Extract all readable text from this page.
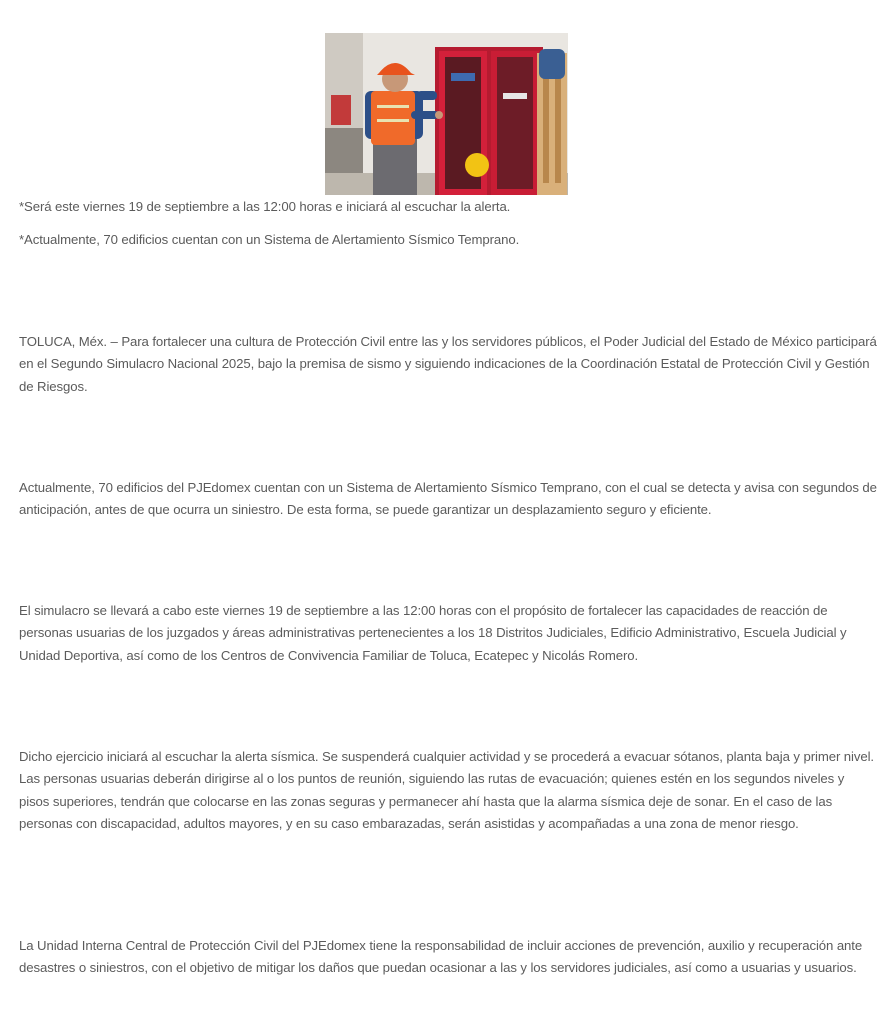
*Será este viernes 19 de septiembre a las 12:00 horas e iniciará al escuchar la alerta.

*Actualmente, 70 edificios cuentan con un Sistema de Alertamiento Sísmico Temprano.

TOLUCA, Méx. – Para fortalecer una cultura de Protección Civil entre las y los servidores públicos, el Poder Judicial del Estado de México participará en el Segundo Simulacro Nacional 2025, bajo la premisa de sismo y siguiendo indicaciones de la Coordinación Estatal de Protección Civil y Gestión de Riesgos.

Actualmente, 70 edificios del PJEdomex cuentan con un Sistema de Alertamiento Sísmico Temprano, con el cual se detecta y avisa con segundos de anticipación, antes de que ocurra un siniestro. De esta forma, se puede garantizar un desplazamiento seguro y eficiente.

El simulacro se llevará a cabo este viernes 19 de septiembre a las 12:00 horas con el propósito de fortalecer las capacidades de reacción de personas usuarias de los juzgados y áreas administrativas pertenecientes a los 18 Distritos Judiciales, Edificio Administrativo, Escuela Judicial y Unidad Deportiva, así como de los Centros de Convivencia Familiar de Toluca, Ecatepec y Nicolás Romero.

Dicho ejercicio iniciará al escuchar la alerta sísmica. Se suspenderá cualquier actividad y se procederá a evacuar sótanos, planta baja y primer nivel. Las personas usuarias deberán dirigirse al o los puntos de reunión, siguiendo las rutas de evacuación; quienes estén en los segundos niveles y pisos superiores, tendrán que colocarse en las zonas seguras y permanecer ahí hasta que la alarma sísmica deje de sonar. En el caso de las personas con discapacidad, adultos mayores, y en su caso embarazadas, serán asistidas y acompañadas a una zona de menor riesgo.

La Unidad Interna Central de Protección Civil del PJEdomex tiene la responsabilidad de incluir acciones de prevención, auxilio y recuperación ante desastres o siniestros, con el objetivo de mitigar los daños que puedan ocasionar a las y los servidores judiciales, así como a usuarias y usuarios.
